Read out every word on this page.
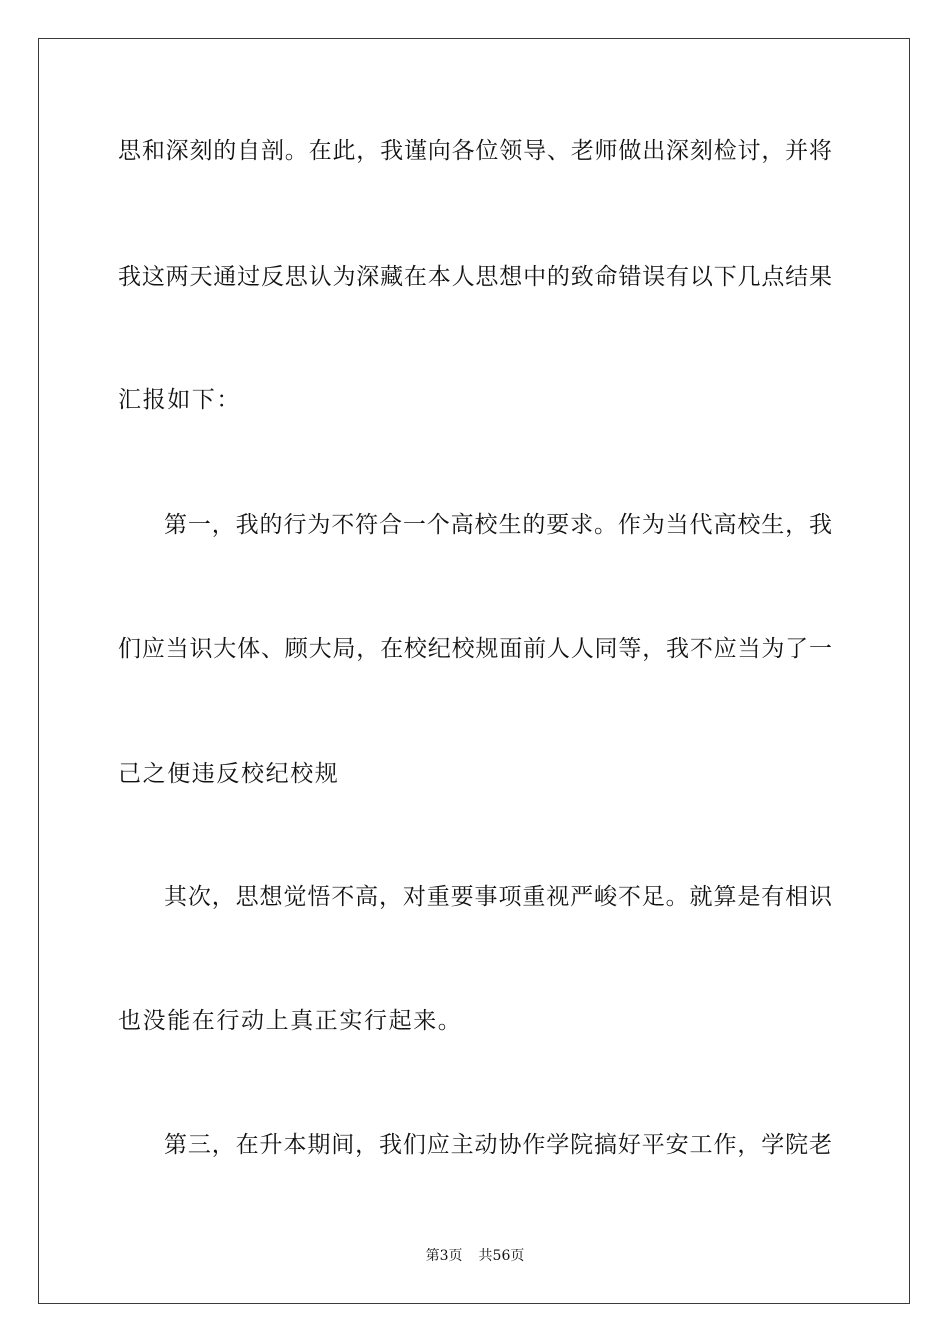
思和深刻的自剖。在此，我谨向各位领导、老师做出深刻检讨，并将
我这两天通过反思认为深藏在本人思想中的致命错误有以下几点结果
汇报如下：
第一，我的行为不符合一个高校生的要求。作为当代高校生，我
们应当识大体、顾大局，在校纪校规面前人人同等，我不应当为了一
己之便违反校纪校规
其次，思想觉悟不高，对重要事项重视严峻不足。就算是有相识
也没能在行动上真正实行起来。
第三，在升本期间，我们应主动协作学院搞好平安工作，学院老
第3页 共56页
